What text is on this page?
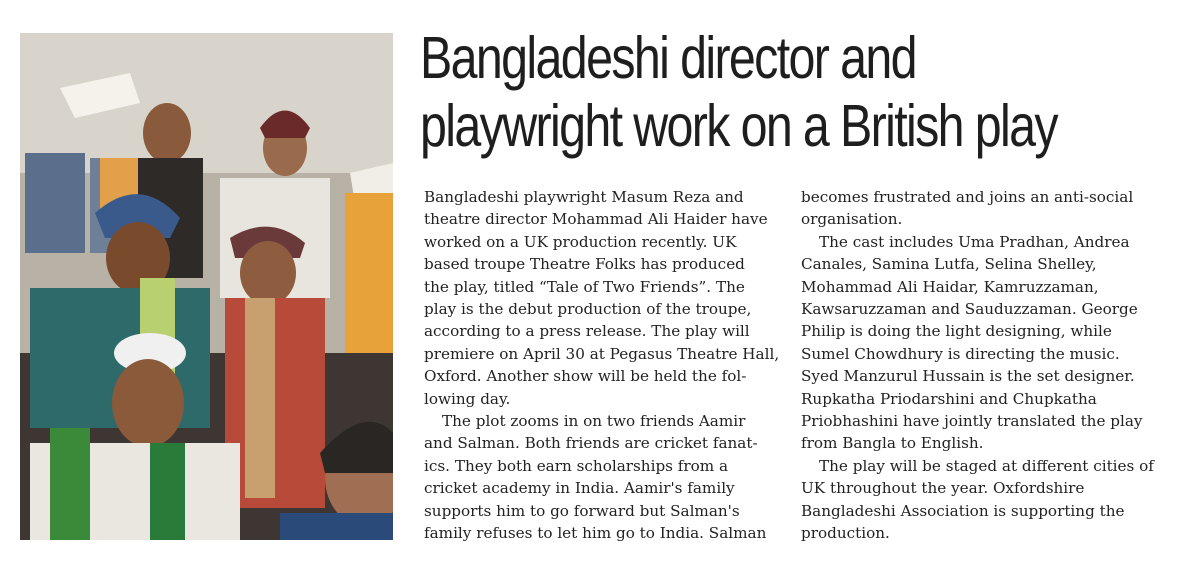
Bangladeshi director and
playwright work on a British play
Bangladeshi playwright Masum Reza and
theatre director Mohammad Ali Haider have
worked on a UK production recently. UK
based troupe Theatre Folks has produced
the play, titled “Tale of Two Friends”. The
play is the debut production of the troupe,
according to a press release. The play will
premiere on April 30 at Pegasus Theatre Hall,
Oxford. Another show will be held the fol-
lowing day.
The plot zooms in on two friends Aamir
and Salman. Both friends are cricket fanat-
ics. They both earn scholarships from a
cricket academy in India. Aamir's family
supports him to go forward but Salman's
family refuses to let him go to India. Salman
becomes frustrated and joins an anti-social
organisation.
The cast includes Uma Pradhan, Andrea
Canales, Samina Lutfa, Selina Shelley,
Mohammad Ali Haidar, Kamruzzaman,
Kawsaruzzaman and Sauduzzaman. George
Philip is doing the light designing, while
Sumel Chowdhury is directing the music.
Syed Manzurul Hussain is the set designer.
Rupkatha Priodarshini and Chupkatha
Priobhashini have jointly translated the play
from Bangla to English.
The play will be staged at different cities of
UK throughout the year. Oxfordshire
Bangladeshi Association is supporting the
production.
